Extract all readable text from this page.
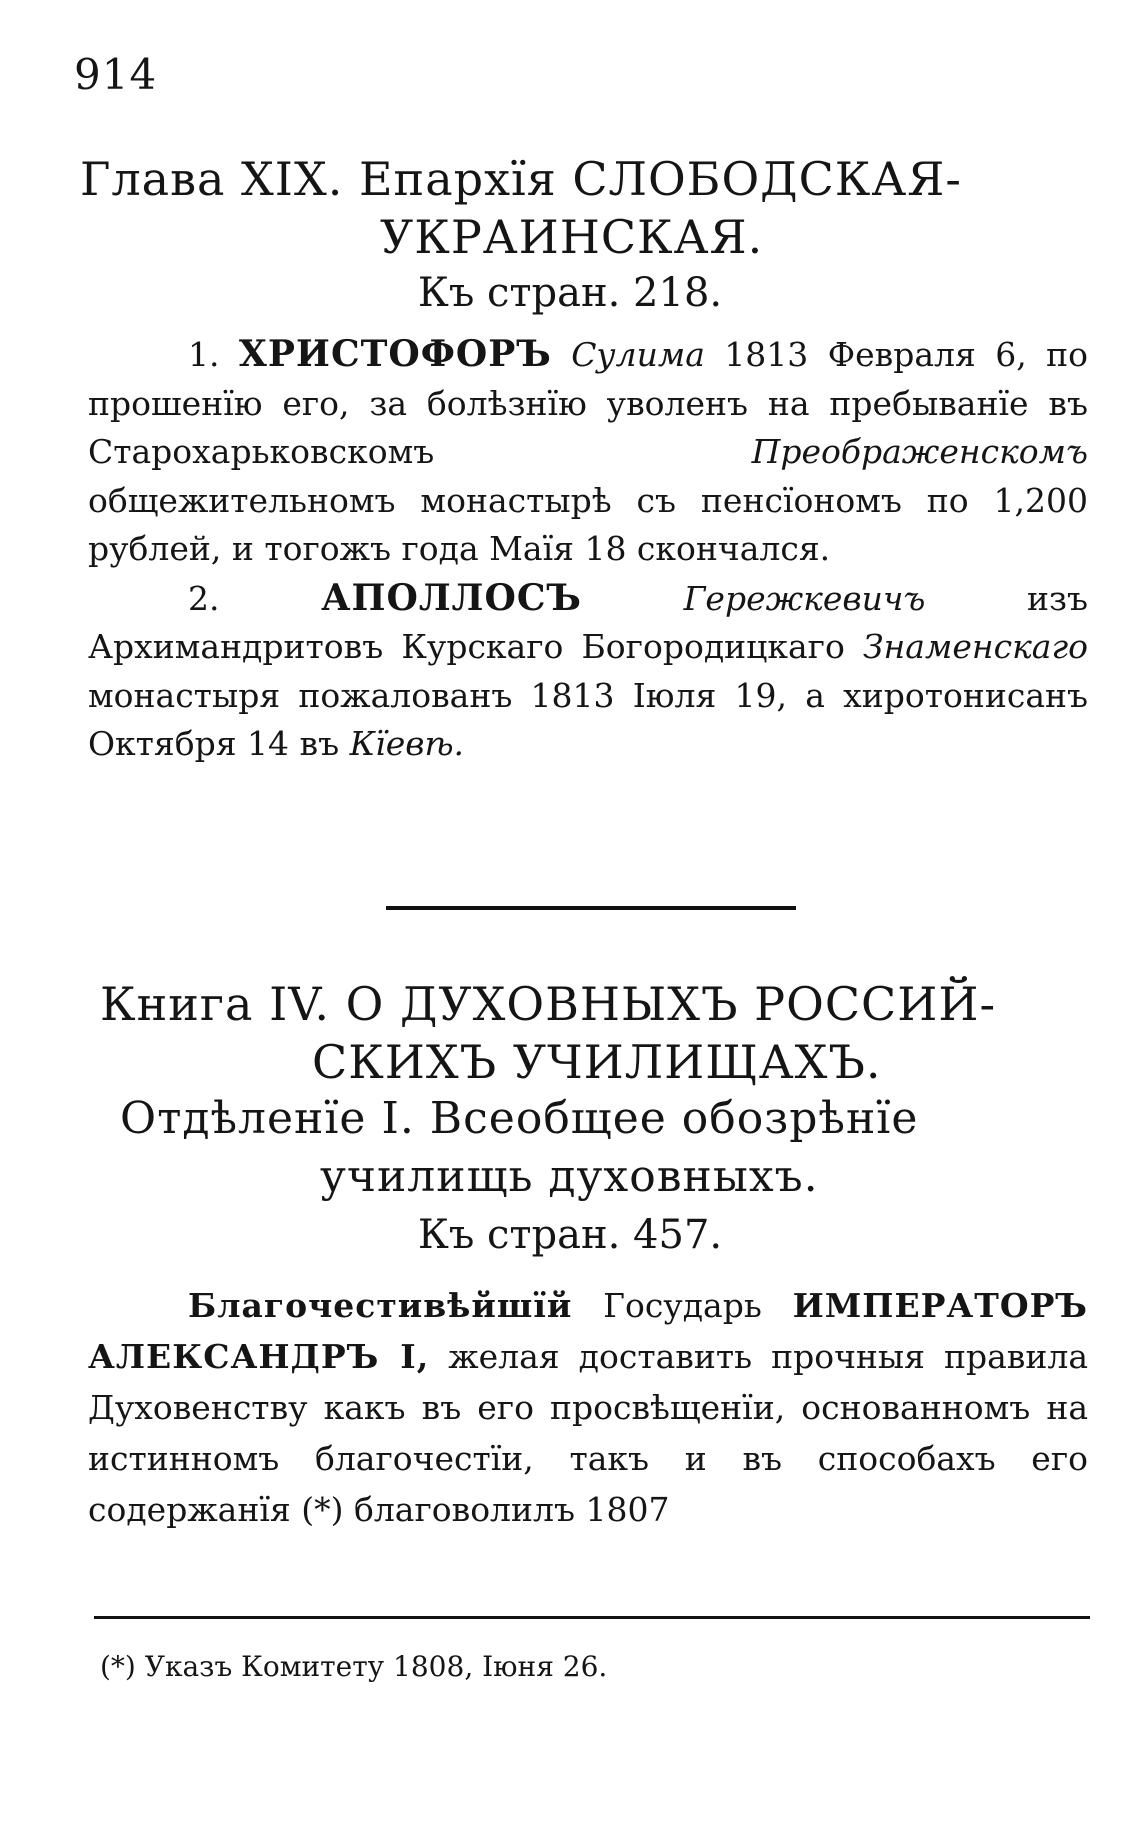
914
Глава XIX. Епархїя СЛОБОДСКАЯ-
УКРАИНСКАЯ.
Къ стран. 218.

1. ХРИСТОФОРЪ Сулима 1813 Февраля 6, по прошенїю его, за болѣзнїю уволенъ на пребыванїе въ Старохарьковскомъ	Преображенскомъ общежительномъ монастырѣ съ пенсїономъ по 1,200 рублей, и тогожъ года Маїя 18 скончался.

2.	АПОЛЛОСЪ	Гережкевичъ	изъ Архимандритовъ Курскаго Богородицкаго Знаменскаго монастыря пожалованъ 1813 Іюля 19, а хиротонисанъ Октября 14 въ Кїевѣ.

Книга IV. О ДУХОВНЫХЪ РОССИЙ-
СКИХЪ УЧИЛИЩАХЪ.
Отдѣленїе I. Всеобщее обозрѣнїе
училищь духовныхъ.
Къ стран. 457.

Благочестивѣйшїй Государь ИМПЕРАТОРЪ АЛЕКСАНДРЪ I, желая доставить прочныя правила Духовенству какъ въ его просвѣщенїи, основанномъ на истинномъ благочестїи, такъ и въ способахъ его содержанїя (*) благоволилъ 1807

(*) Указъ Комитету 1808, Іюня 26.
